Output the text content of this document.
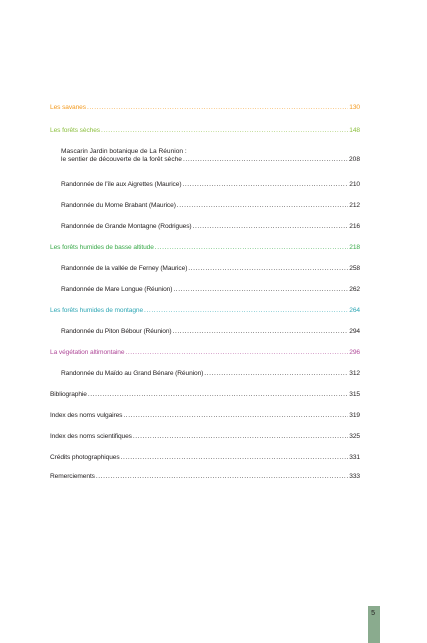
Les savanes .....	130
Les forêts sèches .....	148
Mascarin Jardin botanique de La Réunion :
le sentier de découverte de la forêt sèche .....	208
Randonnée de l’île aux Aigrettes (Maurice) .....	210
Randonnée du Morne Brabant (Maurice) .....	212
Randonnée de Grande Montagne (Rodrigues) .....	216
Les forêts humides de basse altitude .....	218
Randonnée de la vallée de Ferney (Maurice) .....	258
Randonnée de Mare Longue (Réunion) .....	262
Les forêts humides de montagne .....	264
Randonnée du Piton Bébour (Réunion) .....	294
La végétation altimontaine .....	296
Randonnée du Maïdo au Grand Bénare (Réunion) .....	312
Bibliographie .....	315
Index des noms vulgaires .....	319
Index des noms scientifiques .....	325
Crédits photographiques .....	331
Remerciements .....	333
5
